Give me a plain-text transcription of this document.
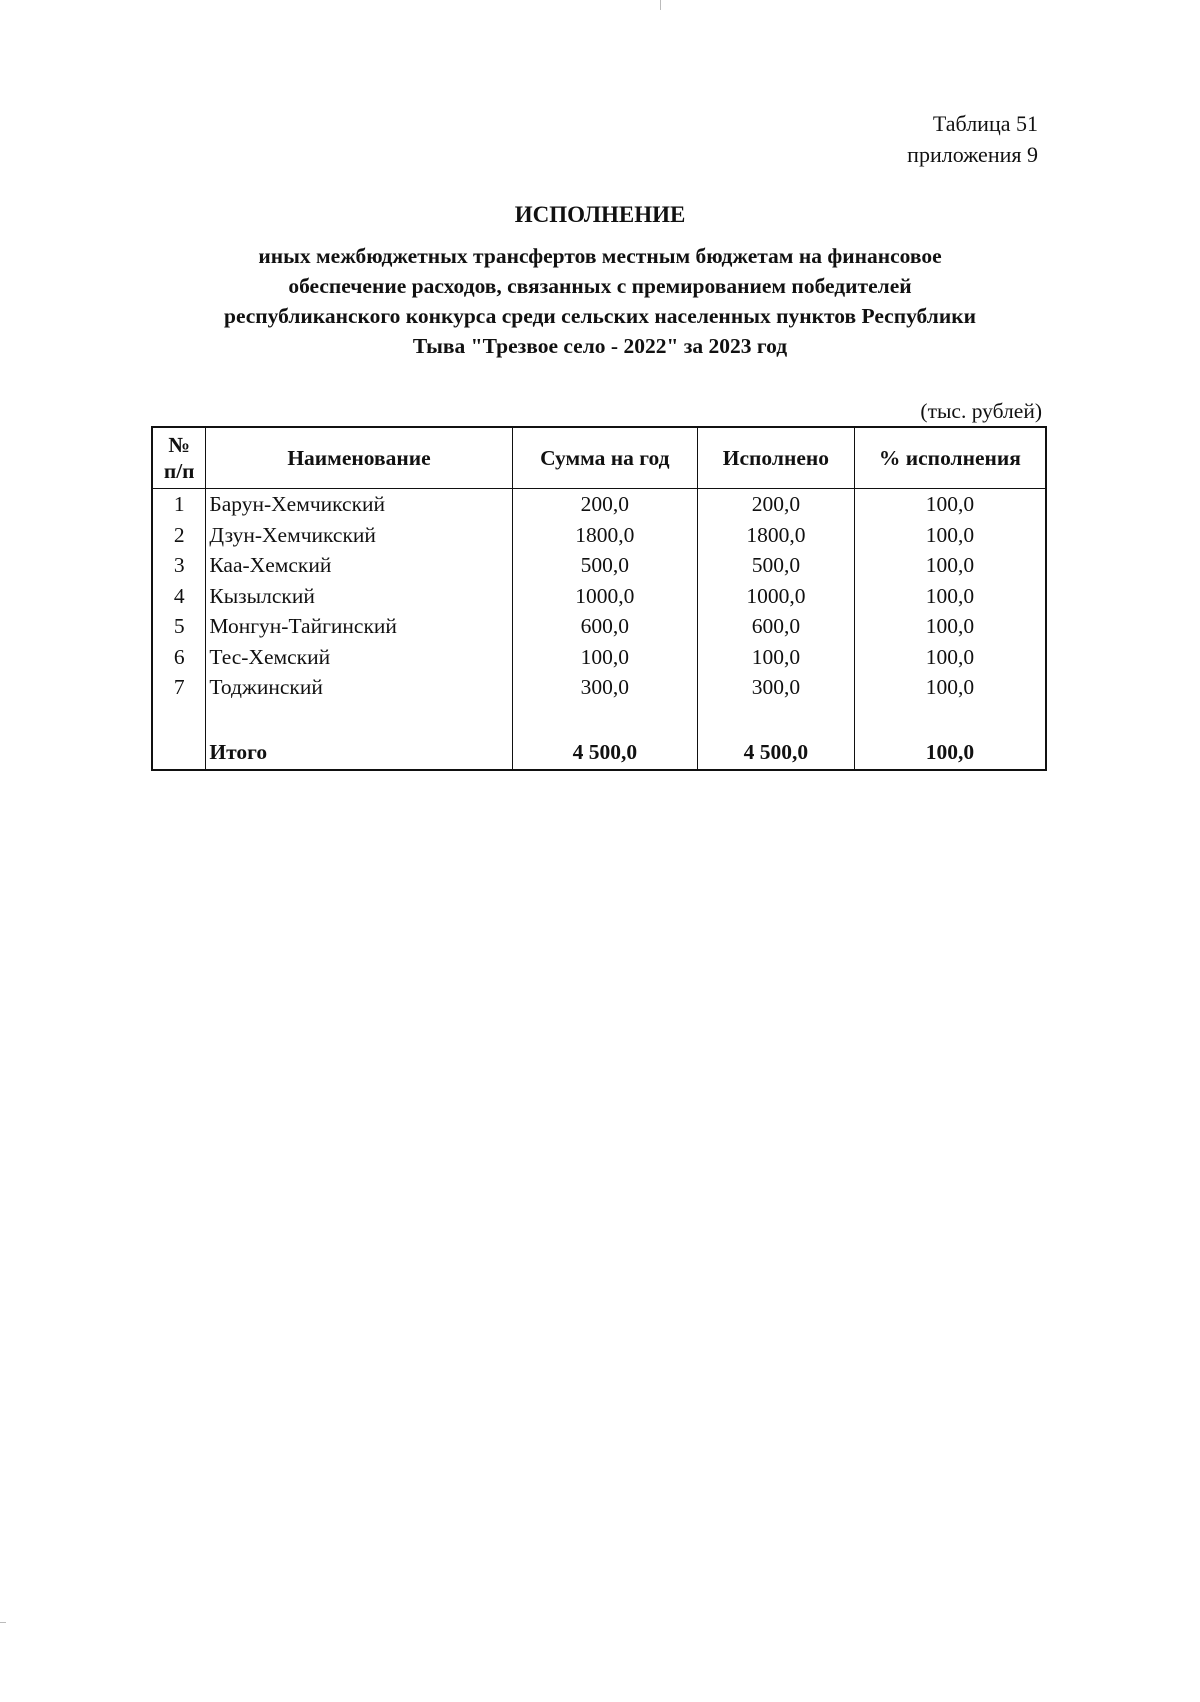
Таблица 51
приложения 9
ИСПОЛНЕНИЕ
иных межбюджетных трансфертов местным бюджетам на финансовое
обеспечение расходов, связанных с премированием победителей
республиканского конкурса среди сельских населенных пунктов Республики
Тыва "Трезвое село - 2022" за 2023 год
(тыс. рублей)
№
п/п	Наименование	Сумма на год	Исполнено	% исполнения
1	Барун-Хемчикский	200,0	200,0	100,0
2	Дзун-Хемчикский	1800,0	1800,0	100,0
3	Каа-Хемский	500,0	500,0	100,0
4	Кызылский	1000,0	1000,0	100,0
5	Монгун-Тайгинский	600,0	600,0	100,0
6	Тес-Хемский	100,0	100,0	100,0
7	Тоджинский	300,0	300,0	100,0

	Итого	4 500,0	4 500,0	100,0
